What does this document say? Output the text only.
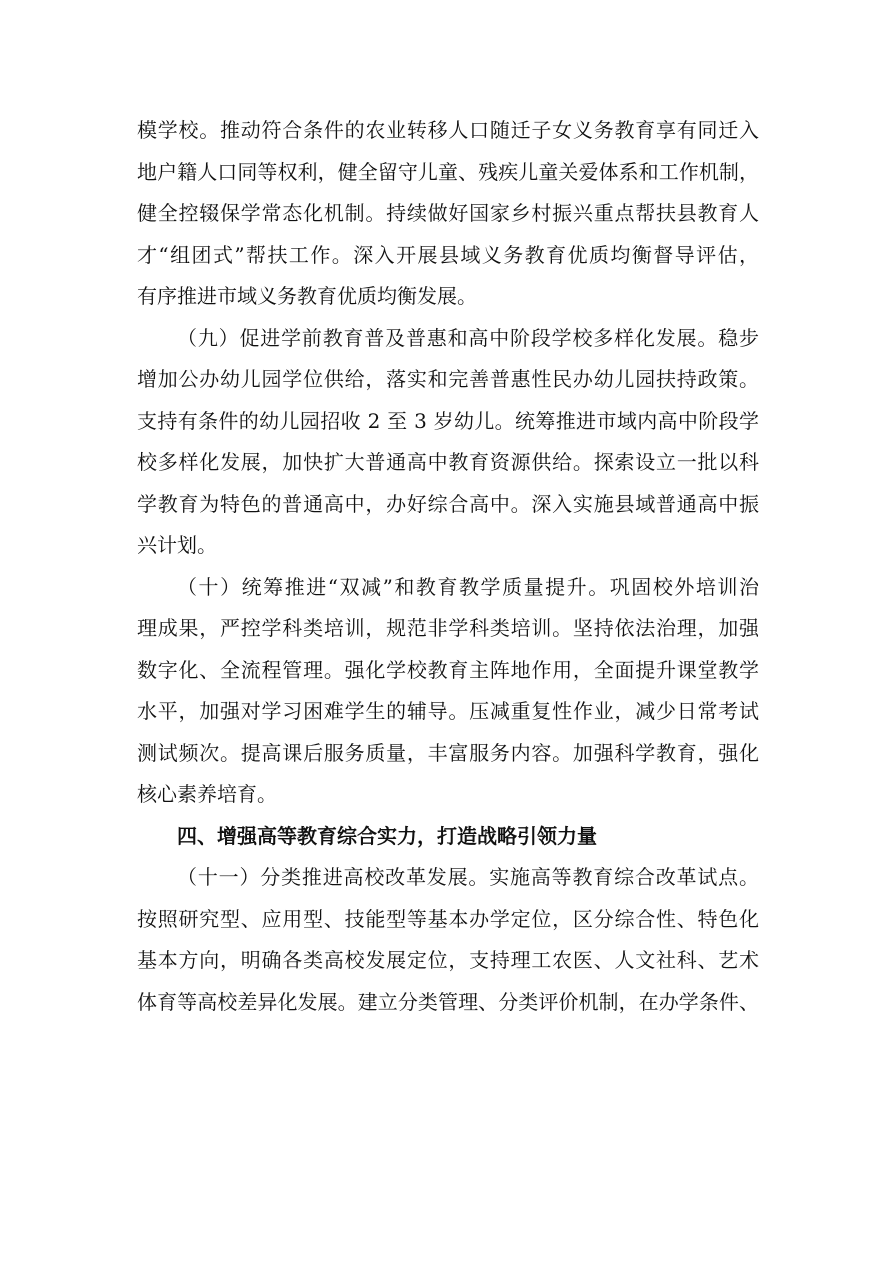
模学校。推动符合条件的农业转移人口随迁子女义务教育享有同迁入
地户籍人口同等权利，健全留守儿童、残疾儿童关爱体系和工作机制，
健全控辍保学常态化机制。持续做好国家乡村振兴重点帮扶县教育人
才“组团式”帮扶工作。深入开展县域义务教育优质均衡督导评估，
有序推进市域义务教育优质均衡发展。
（九）促进学前教育普及普惠和高中阶段学校多样化发展。稳步
增加公办幼儿园学位供给，落实和完善普惠性民办幼儿园扶持政策。
支持有条件的幼儿园招收 2 至 3 岁幼儿。统筹推进市域内高中阶段学
校多样化发展，加快扩大普通高中教育资源供给。探索设立一批以科
学教育为特色的普通高中，办好综合高中。深入实施县域普通高中振
兴计划。
（十）统筹推进“双减”和教育教学质量提升。巩固校外培训治
理成果，严控学科类培训，规范非学科类培训。坚持依法治理，加强
数字化、全流程管理。强化学校教育主阵地作用，全面提升课堂教学
水平，加强对学习困难学生的辅导。压减重复性作业，减少日常考试
测试频次。提高课后服务质量，丰富服务内容。加强科学教育，强化
核心素养培育。
四、增强高等教育综合实力，打造战略引领力量
（十一）分类推进高校改革发展。实施高等教育综合改革试点。
按照研究型、应用型、技能型等基本办学定位，区分综合性、特色化
基本方向，明确各类高校发展定位，支持理工农医、人文社科、艺术
体育等高校差异化发展。建立分类管理、分类评价机制，在办学条件、
